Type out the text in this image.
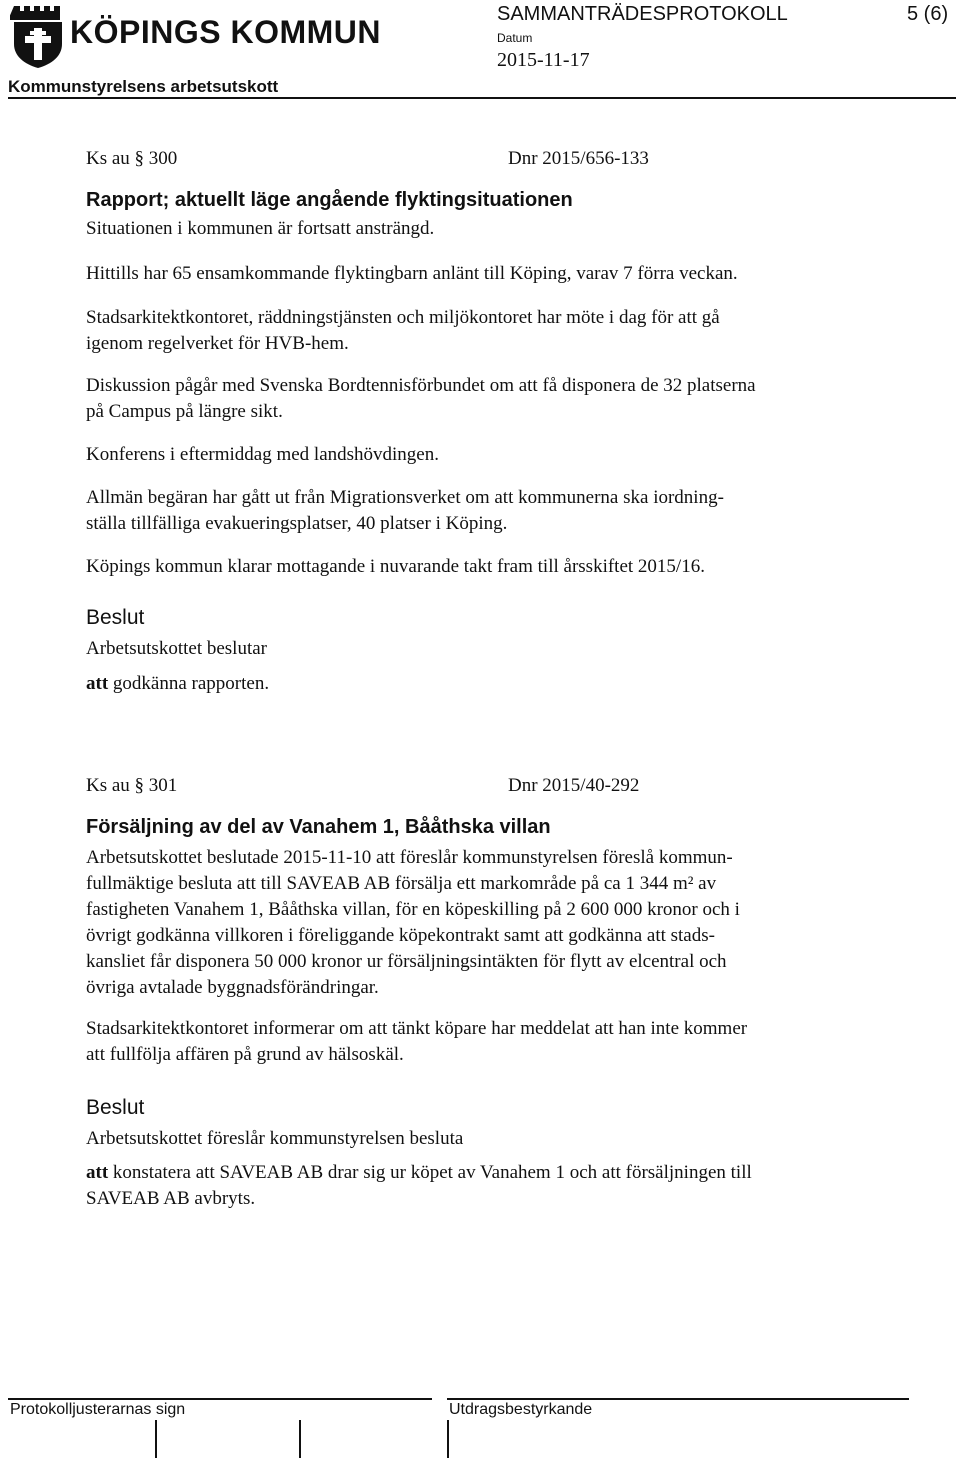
KÖPINGS KOMMUN	SAMMANTRÄDESPROTOKOLL	5 (6)
Datum
2015-11-17
Kommunstyrelsens arbetsutskott
Ks au § 300	Dnr 2015/656-133
Rapport; aktuellt läge angående flyktingsituationen

Situationen i kommunen är fortsatt ansträngd.

Hittills har 65 ensamkommande flyktingbarn anlänt till Köping, varav 7 förra veckan.

Stadsarkitektkontoret, räddningstjänsten och miljökontoret har möte i dag för att gå
igenom regelverket för HVB-hem.

Diskussion pågår med Svenska Bordtennisförbundet om att få disponera de 32 platserna
på Campus på längre sikt.

Konferens i eftermiddag med landshövdingen.

Allmän begäran har gått ut från Migrationsverket om att kommunerna ska iordning-
ställa tillfälliga evakueringsplatser, 40 platser i Köping.

Köpings kommun klarar mottagande i nuvarande takt fram till årsskiftet 2015/16.

Beslut

Arbetsutskottet beslutar

att godkänna rapporten.

Ks au § 301	Dnr 2015/40-292
Försäljning av del av Vanahem 1, Bååthska villan

Arbetsutskottet beslutade 2015-11-10 att föreslår kommunstyrelsen föreslå kommun-
fullmäktige besluta att till SAVEAB AB försälja ett markområde på ca 1 344 m² av
fastigheten Vanahem 1, Bååthska villan, för en köpeskilling på 2 600 000 kronor och i
övrigt godkänna villkoren i föreliggande köpekontrakt samt att godkänna att stads-
kansliet får disponera 50 000 kronor ur försäljningsintäkten för flytt av elcentral och
övriga avtalade byggnadsförändringar.

Stadsarkitektkontoret informerar om att tänkt köpare har meddelat att han inte kommer
att fullfölja affären på grund av hälsoskäl.

Beslut

Arbetsutskottet föreslår kommunstyrelsen besluta

att konstatera att SAVEAB AB drar sig ur köpet av Vanahem 1 och att försäljningen till
SAVEAB AB avbryts.

Protokolljusterarnas sign	Utdragsbestyrkande
